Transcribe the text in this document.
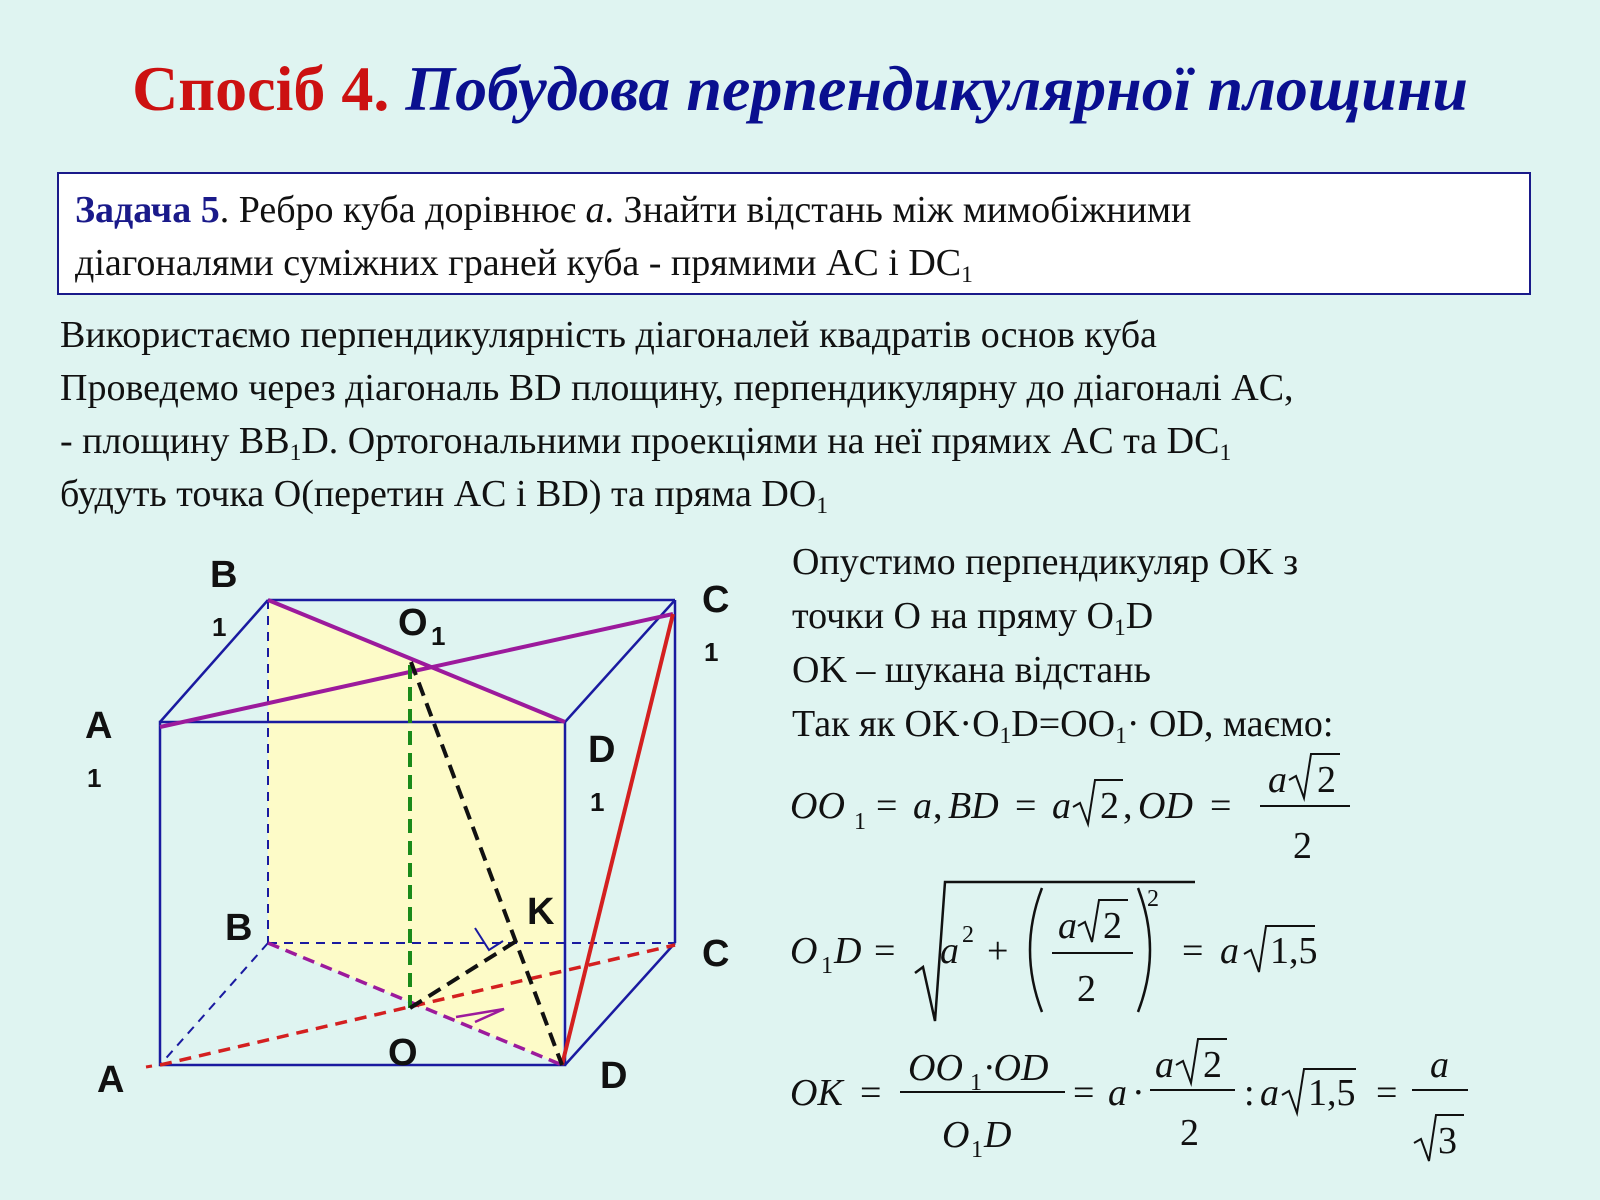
Спосіб 4. Побудова перпендикулярної площини
Задача 5. Ребро куба дорівнює a. Знайти відстань між мимобіжними
діагоналями суміжних граней куба - прямими AC і $DC_1$

Використаємо перпендикулярність діагоналей квадратів основ куба

Проведемо через діагональ BD площину, перпендикулярну до діагоналі AC,

- площину $BB_1D$. Ортогональними проекціями на неї прямих AC та $DC_1$

будуть точка O(перетин AC і BD) та пряма $DO_1$

Опустимо перпендикуляр OK з

точки O на пряму $O_1D$

OK – шукана відстань

Так як $OK\cdot O_1D=OO_1\cdot$ OD, маємо:

B
1	O 1
C
1
A
1
D
1
K
B
C
O
A	D
OO 1 = a , BD = a 2 , OD =
a 2
2
O 1 D = a 2 +
a 2
2
2
= a 1,5
OK =
OO 1 ·OD
O 1 D
= a ·
a 2
2
: a 1,5 =
a
3
